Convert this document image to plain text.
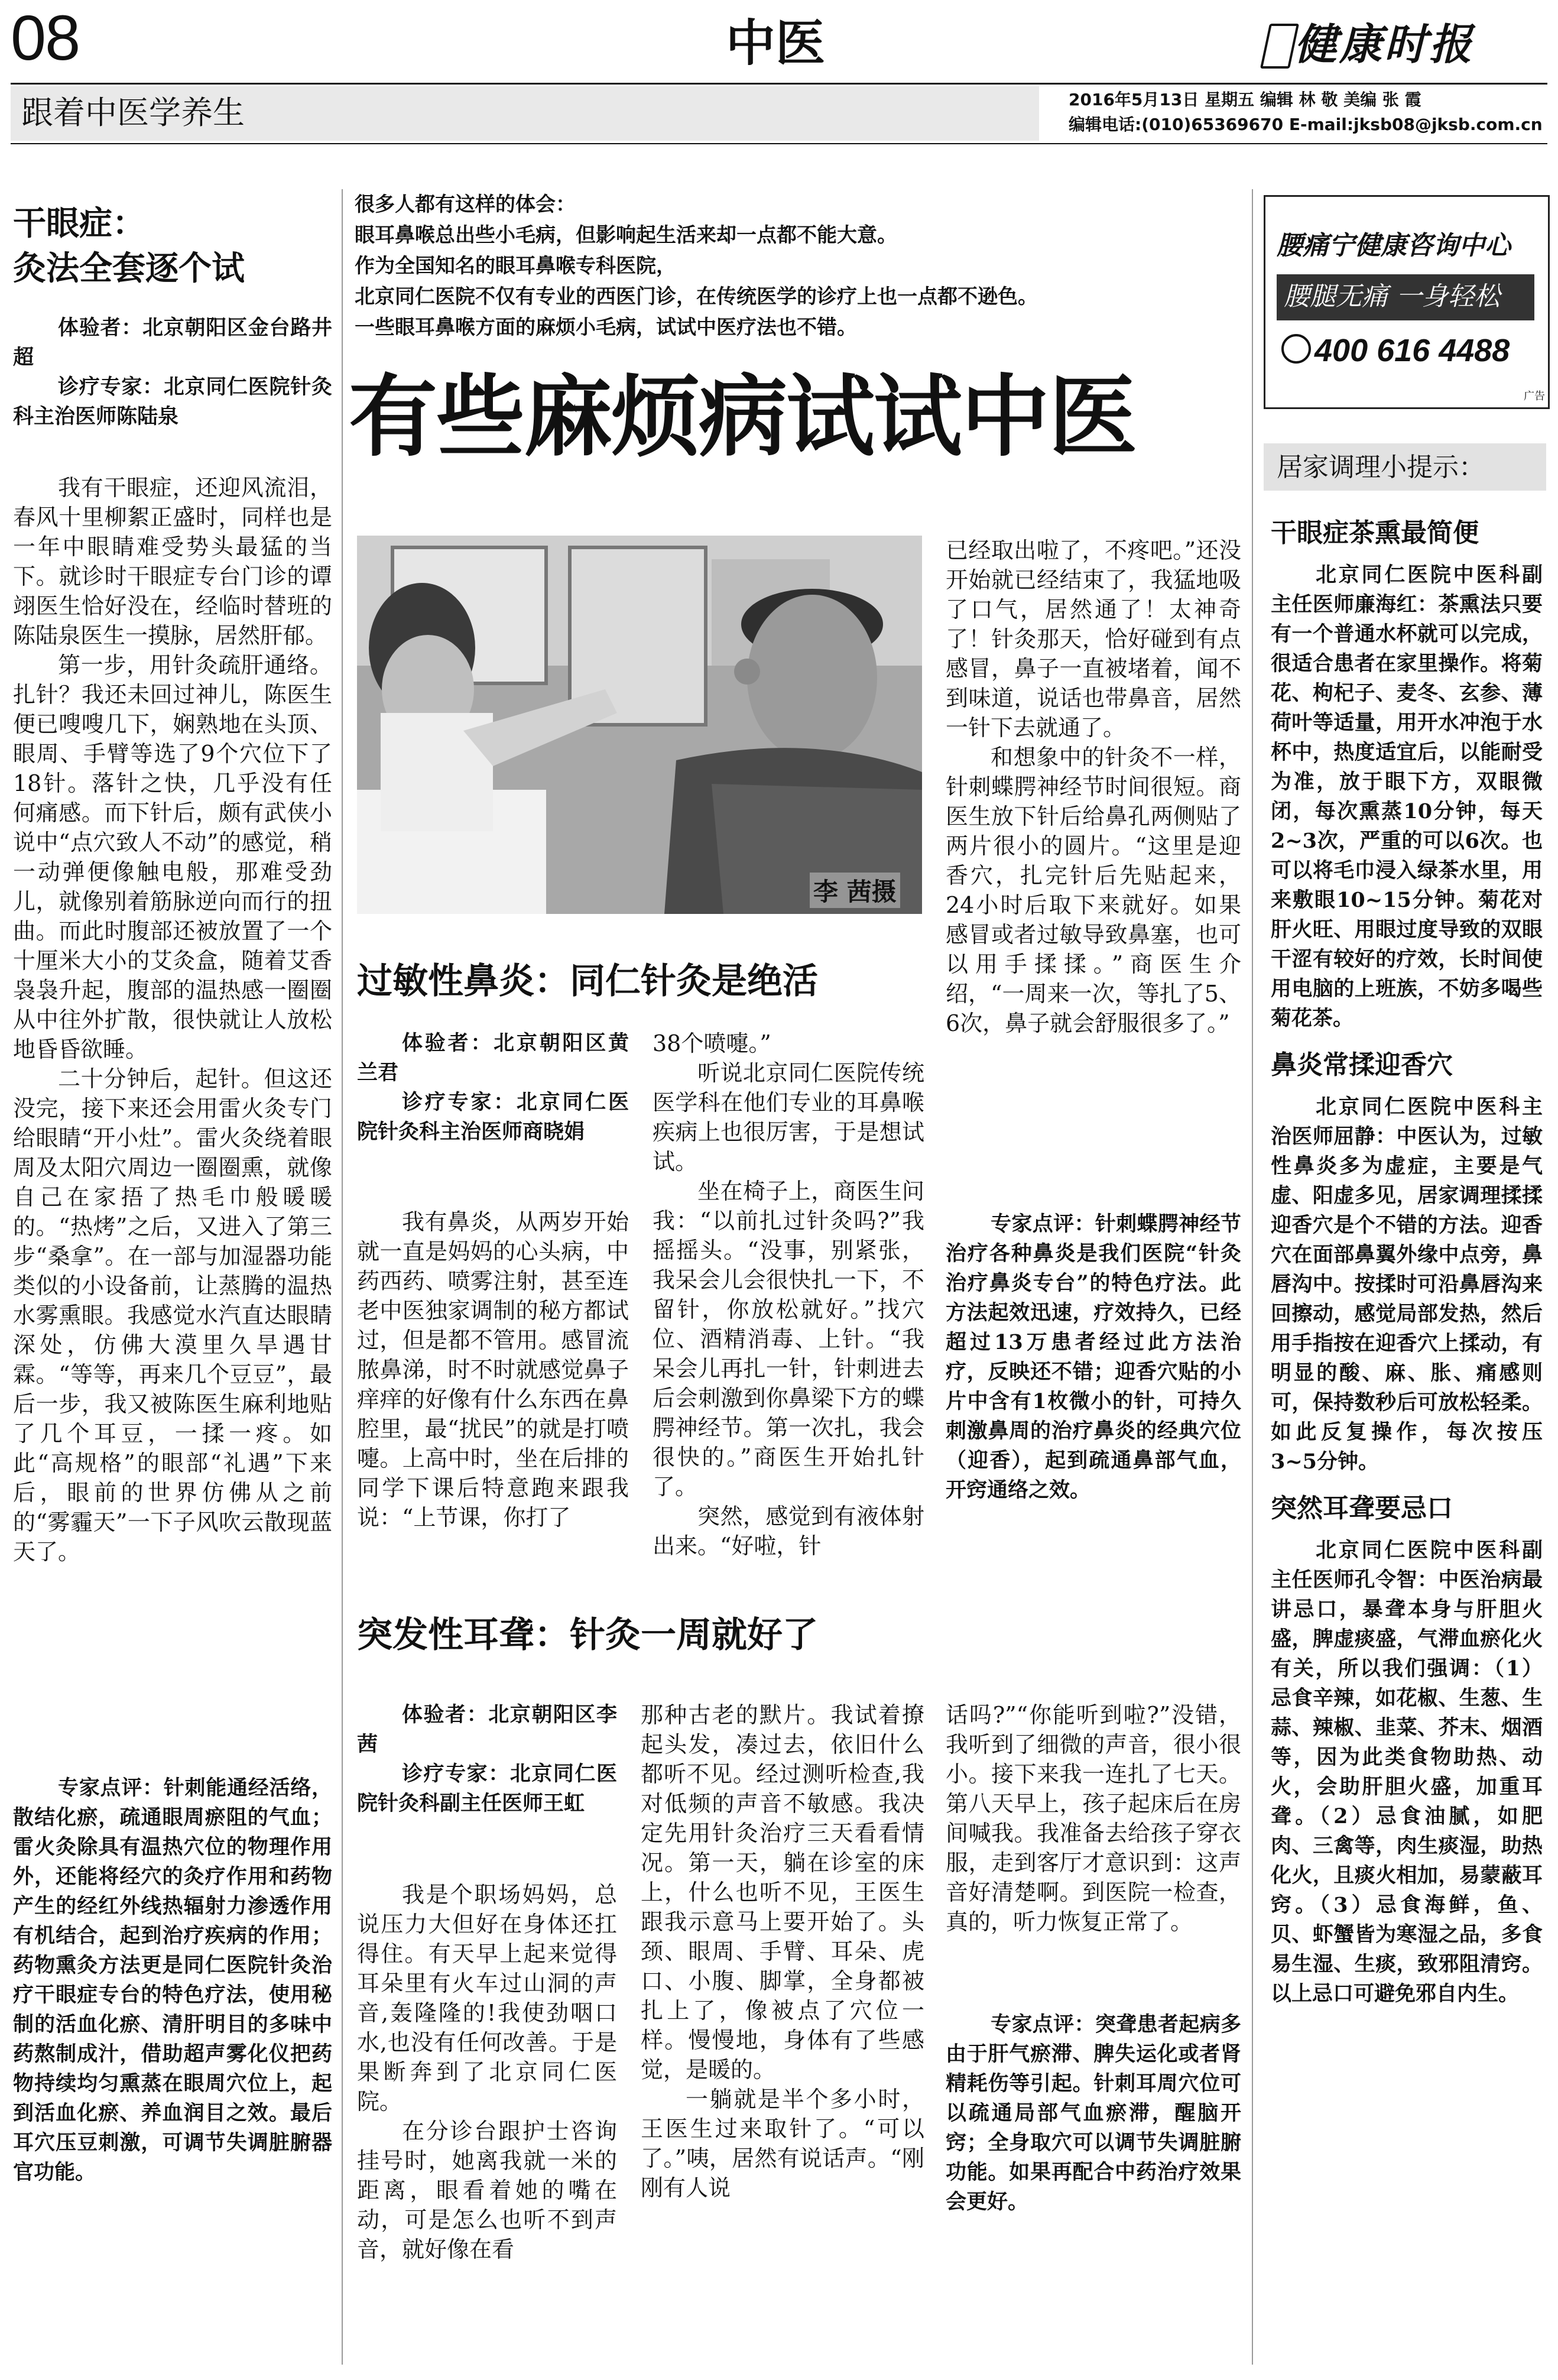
08	中医	健康时报
跟着中医学养生	2016年5月13日 星期五 编辑 林 敬 美编 张 霞
编辑电话:(010)65369670 E-mail:jksb08@jksb.com.cn
干眼症：
灸法全套逐个试

体验者：北京朝阳区金台路井超

诊疗专家：北京同仁医院针灸科主治医师陈陆泉

我有干眼症，还迎风流泪，春风十里柳絮正盛时，同样也是一年中眼睛难受势头最猛的当下。就诊时干眼症专台门诊的谭翊医生恰好没在，经临时替班的陈陆泉医生一摸脉，居然肝郁。

第一步，用针灸疏肝通络。扎针？我还未回过神儿，陈医生便已嗖嗖几下，娴熟地在头顶、眼周、手臂等选了9个穴位下了18针。落针之快，几乎没有任何痛感。而下针后，颇有武侠小说中“点穴致人不动”的感觉，稍一动弹便像触电般，那难受劲儿，就像别着筋脉逆向而行的扭曲。而此时腹部还被放置了一个十厘米大小的艾灸盒，随着艾香袅袅升起，腹部的温热感一圈圈从中往外扩散，很快就让人放松地昏昏欲睡。

二十分钟后，起针。但这还没完，接下来还会用雷火灸专门给眼睛“开小灶”。雷火灸绕着眼周及太阳穴周边一圈圈熏，就像自己在家捂了热毛巾般暖暖的。“热烤”之后，又进入了第三步“桑拿”。在一部与加湿器功能类似的小设备前，让蒸腾的温热水雾熏眼。我感觉水汽直达眼睛深处，仿佛大漠里久旱遇甘霖。“等等，再来几个豆豆”，最后一步，我又被陈医生麻利地贴了几个耳豆，一揉一疼。如此“高规格”的眼部“礼遇”下来后，眼前的世界仿佛从之前的“雾霾天”一下子风吹云散现蓝天了。

专家点评：针刺能通经活络，散结化瘀，疏通眼周瘀阻的气血；雷火灸除具有温热穴位的物理作用外，还能将经穴的灸疗作用和药物产生的经红外线热辐射力渗透作用有机结合，起到治疗疾病的作用；药物熏灸方法更是同仁医院针灸治疗干眼症专台的特色疗法，使用秘制的活血化瘀、清肝明目的多味中药熬制成汁，借助超声雾化仪把药物持续均匀熏蒸在眼周穴位上，起到活血化瘀、养血润目之效。最后耳穴压豆刺激，可调节失调脏腑器官功能。

很多人都有这样的体会：
眼耳鼻喉总出些小毛病，但影响起生活来却一点都不能大意。
作为全国知名的眼耳鼻喉专科医院，
北京同仁医院不仅有专业的西医门诊，在传统医学的诊疗上也一点都不逊色。
一些眼耳鼻喉方面的麻烦小毛病，试试中医疗法也不错。
有些麻烦病试试中医
李 茜摄

已经取出啦了，不疼吧。”还没开始就已经结束了，我猛地吸了口气，居然通了！太神奇了！针灸那天，恰好碰到有点感冒，鼻子一直被堵着，闻不到味道，说话也带鼻音，居然一针下去就通了。

和想象中的针灸不一样，针刺蝶腭神经节时间很短。商医生放下针后给鼻孔两侧贴了两片很小的圆片。“这里是迎香穴，扎完针后先贴起来，24小时后取下来就好。如果感冒或者过敏导致鼻塞，也可以用手揉揉。”商医生介绍，“一周来一次，等扎了5、6次，鼻子就会舒服很多了。”

专家点评：针刺蝶腭神经节治疗各种鼻炎是我们医院“针灸治疗鼻炎专台”的特色疗法。此方法起效迅速，疗效持久，已经超过13万患者经过此方法治疗，反映还不错；迎香穴贴的小片中含有1枚微小的针，可持久刺激鼻周的治疗鼻炎的经典穴位（迎香），起到疏通鼻部气血，开窍通络之效。

过敏性鼻炎：同仁针灸是绝活

体验者：北京朝阳区黄兰君

诊疗专家：北京同仁医院针灸科主治医师商晓娟

我有鼻炎，从两岁开始就一直是妈妈的心头病，中药西药、喷雾注射，甚至连老中医独家调制的秘方都试过，但是都不管用。感冒流脓鼻涕，时不时就感觉鼻子痒痒的好像有什么东西在鼻腔里，最“扰民”的就是打喷嚏。上高中时，坐在后排的同学下课后特意跑来跟我说：“上节课，你打了

38个喷嚏。”

听说北京同仁医院传统医学科在他们专业的耳鼻喉疾病上也很厉害，于是想试试。

坐在椅子上，商医生问我：“以前扎过针灸吗?”我摇摇头。“没事，别紧张，我呆会儿会很快扎一下，不留针，你放松就好。”找穴位、酒精消毒、上针。“我呆会儿再扎一针，针刺进去后会刺激到你鼻梁下方的蝶腭神经节。第一次扎，我会很快的。”商医生开始扎针了。

突然，感觉到有液体射出来。“好啦，针

突发性耳聋：针灸一周就好了

体验者：北京朝阳区李茜

诊疗专家：北京同仁医院针灸科副主任医师王虹

我是个职场妈妈，总说压力大但好在身体还扛得住。有天早上起来觉得耳朵里有火车过山洞的声音,轰隆隆的!我使劲咽口水,也没有任何改善。于是果断奔到了北京同仁医院。

在分诊台跟护士咨询挂号时，她离我就一米的距离，眼看着她的嘴在动，可是怎么也听不到声音，就好像在看

那种古老的默片。我试着撩起头发，凑过去，依旧什么都听不见。经过测听检查,我对低频的声音不敏感。我决定先用针灸治疗三天看看情况。第一天，躺在诊室的床上，什么也听不见，王医生跟我示意马上要开始了。头颈、眼周、手臂、耳朵、虎口、小腹、脚掌，全身都被扎上了，像被点了穴位一样。慢慢地，身体有了些感觉，是暖的。

一躺就是半个多小时，王医生过来取针了。“可以了。”咦，居然有说话声。“刚刚有人说

话吗?”“你能听到啦?”没错，我听到了细微的声音，很小很小。接下来我一连扎了七天。第八天早上，孩子起床后在房间喊我。我准备去给孩子穿衣服，走到客厅才意识到：这声音好清楚啊。到医院一检查，真的，听力恢复正常了。

专家点评：突聋患者起病多由于肝气瘀滞、脾失运化或者肾精耗伤等引起。针刺耳周穴位可以疏通局部气血瘀滞，醒脑开窍；全身取穴可以调节失调脏腑功能。如果再配合中药治疗效果会更好。

腰痛宁健康咨询中心
腰腿无痛 一身轻松
400 616 4488
广告
居家调理小提示：
干眼症茶熏最简便

北京同仁医院中医科副主任医师廉海红：茶熏法只要有一个普通水杯就可以完成，很适合患者在家里操作。将菊花、枸杞子、麦冬、玄参、薄荷叶等适量，用开水冲泡于水杯中，热度适宜后，以能耐受为准，放于眼下方，双眼微闭，每次熏蒸10分钟，每天2~3次，严重的可以6次。也可以将毛巾浸入绿茶水里，用来敷眼10~15分钟。菊花对肝火旺、用眼过度导致的双眼干涩有较好的疗效，长时间使用电脑的上班族，不妨多喝些菊花茶。

鼻炎常揉迎香穴

北京同仁医院中医科主治医师屈静：中医认为，过敏性鼻炎多为虚症，主要是气虚、阳虚多见，居家调理揉揉迎香穴是个不错的方法。迎香穴在面部鼻翼外缘中点旁，鼻唇沟中。按揉时可沿鼻唇沟来回擦动，感觉局部发热，然后用手指按在迎香穴上揉动，有明显的酸、麻、胀、痛感则可，保持数秒后可放松轻柔。如此反复操作，每次按压3~5分钟。

突然耳聋要忌口

北京同仁医院中医科副主任医师孔令智：中医治病最讲忌口，暴聋本身与肝胆火盛，脾虚痰盛，气滞血瘀化火有关，所以我们强调：（1）忌食辛辣，如花椒、生葱、生蒜、辣椒、韭菜、芥末、烟酒等，因为此类食物助热、动火，会助肝胆火盛，加重耳聋。（2）忌食油腻，如肥肉、三禽等，肉生痰湿，助热化火，且痰火相加，易蒙蔽耳窍。（3）忌食海鲜，鱼、贝、虾蟹皆为寒湿之品，多食易生湿、生痰，致邪阻清窍。以上忌口可避免邪自内生。
